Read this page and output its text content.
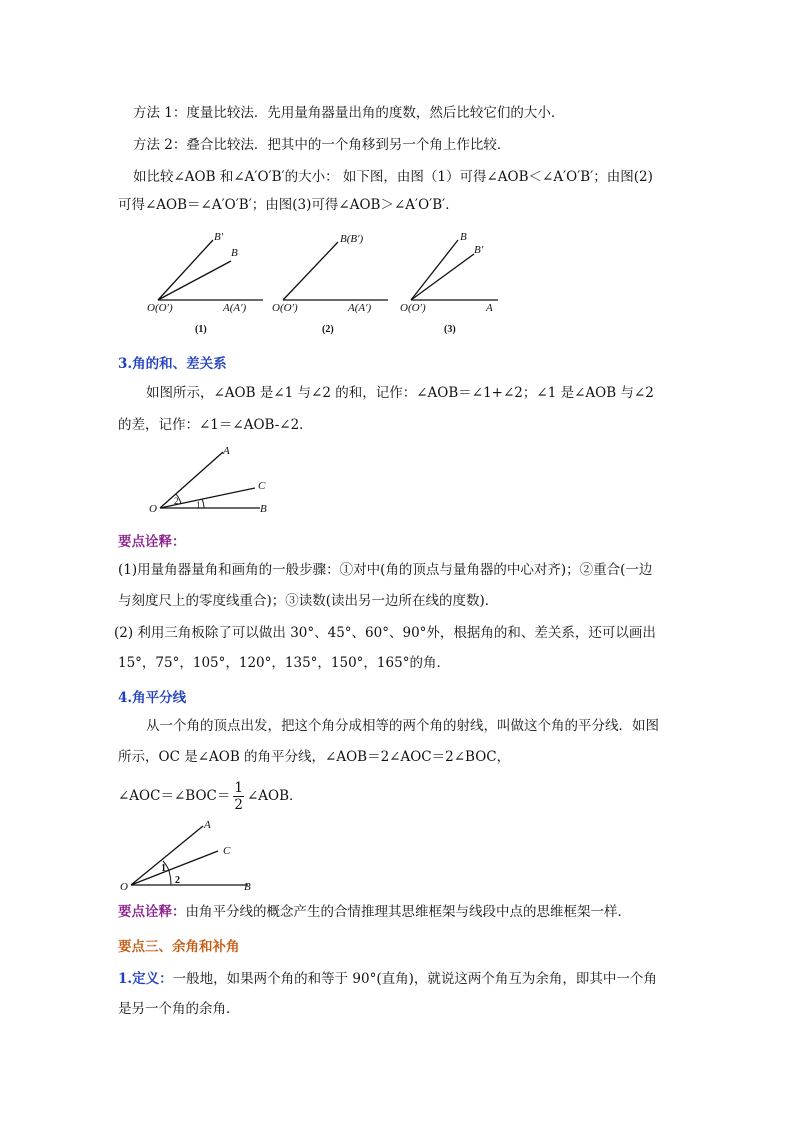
方法 1：度量比较法．先用量角器量出角的度数，然后比较它们的大小．

方法 2：叠合比较法．把其中的一个角移到另一个角上作比较．

如比较∠AOB 和∠A′O′B′的大小： 如下图，由图（1）可得∠AOB＜∠A′O′B′；由图(2)

可得∠AOB＝∠A′O′B′；由图(3)可得∠AOB＞∠A′O′B′．

B′
B
O(O′)	A(A′)
(1)
B(B′)
O(O′)	A(A′)
(2)
B
B′
O(O′)	A
(3)

3.角的和、差关系

如图所示，∠AOB 是∠1 与∠2 的和，记作：∠AOB＝∠1+∠2；∠1 是∠AOB 与∠2

的差，记作：∠1＝∠AOB-∠2．

A
C
O	B
2 1

要点诠释：

(1)用量角器量角和画角的一般步骤：①对中(角的顶点与量角器的中心对齐)；②重合(一边

与刻度尺上的零度线重合)；③读数(读出另一边所在线的度数)．

(2) 利用三角板除了可以做出 30°、45°、60°、90°外，根据角的和、差关系，还可以画出

15°，75°，105°，120°，135°，150°，165°的角．

4.角平分线

从一个角的顶点出发，把这个角分成相等的两个角的射线，叫做这个角的平分线．如图

所示，OC 是∠AOB 的角平分线，∠AOB＝2∠AOC＝2∠BOC，

∠AOC＝∠BOC＝ $\frac{1}{2}$ ∠AOB．

A
C
O	B
1
2

要点诠释：由角平分线的概念产生的合情推理其思维框架与线段中点的思维框架一样．

要点三、余角和补角

1.定义：一般地，如果两个角的和等于 90°(直角)，就说这两个角互为余角，即其中一个角

是另一个角的余角．
